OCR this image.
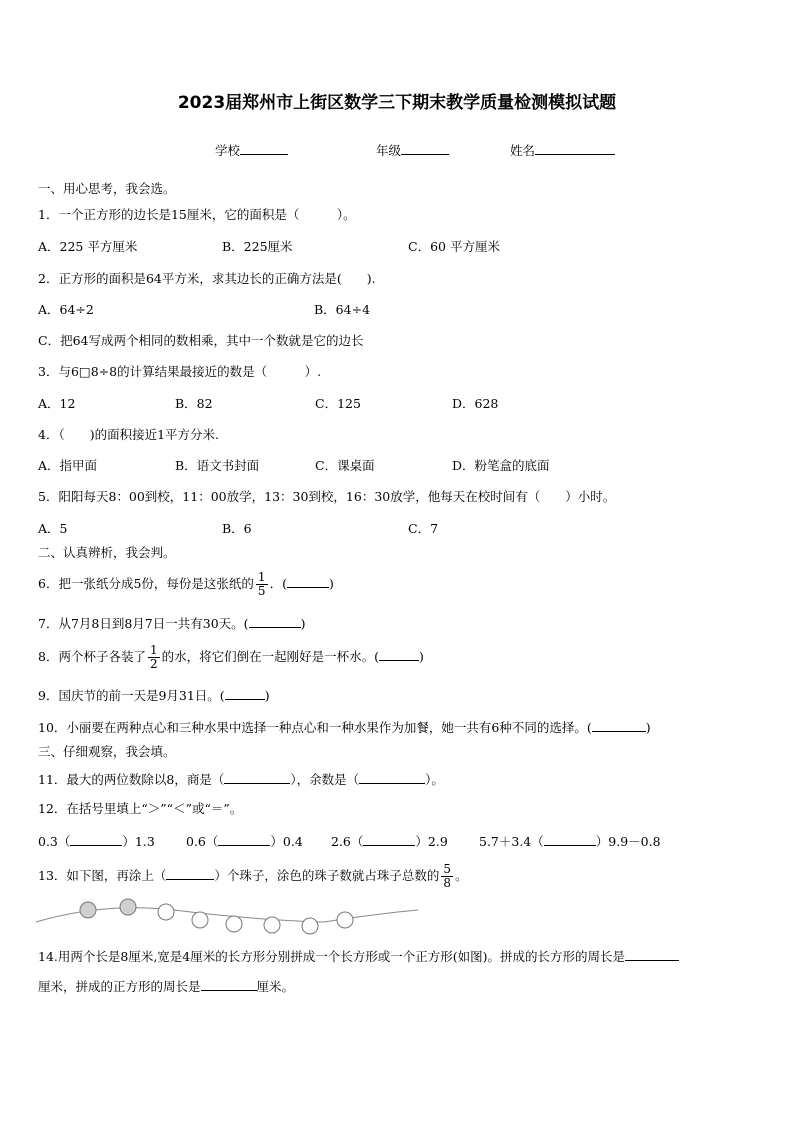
2023届郑州市上街区数学三下期末教学质量检测模拟试题
学校	年级	姓名
一、用心思考，我会选。
1．一个正方形的边长是15厘米，它的面积是（　　　）。
A．225 平方厘米	B．225厘米	C．60 平方厘米
2．正方形的面积是64平方米，求其边长的正确方法是(　　).
A．64÷2	B．64÷4
C．把64写成两个相同的数相乘，其中一个数就是它的边长
3．与6□8÷8的计算结果最接近的数是（　　　）.
A．12	B．82	C．125	D．628
4．（　　)的面积接近1平方分米.
A．指甲面	B．语文书封面	C．课桌面	D．粉笔盒的底面
5．阳阳每天8：00到校，11：00放学，13：30到校，16：30放学，他每天在校时间有（　　）小时。
A．5	B．6	C．7
二、认真辨析，我会判。
6．把一张纸分成5份，每份是这张纸的 $\frac{1}{5}$ ．(	)
7．从7月8日到8月7日一共有30天。(	)
8．两个杯子各装了 $\frac{1}{2}$ 的水，将它们倒在一起刚好是一杯水。(	)
9．国庆节的前一天是9月31日。(	)
10．小丽要在两种点心和三种水果中选择一种点心和一种水果作为加餐，她一共有6种不同的选择。(	)
三、仔细观察，我会填。
11．最大的两位数除以8，商是（	），余数是（	）。
12．在括号里填上“＞”“＜”或“＝”。
0.3（	）1.3 0.6（	）0.4 2.6（	）2.9 5.7＋3.4（	）9.9－0.8
13．如下图，再涂上（	）个珠子，涂色的珠子数就占珠子总数的 $\frac{5}{8}$ 。
14.用两个长是8厘米,宽是4厘米的长方形分别拼成一个长方形或一个正方形(如图)。拼成的长方形的周长是
厘米，拼成的正方形的周长是	厘米。
